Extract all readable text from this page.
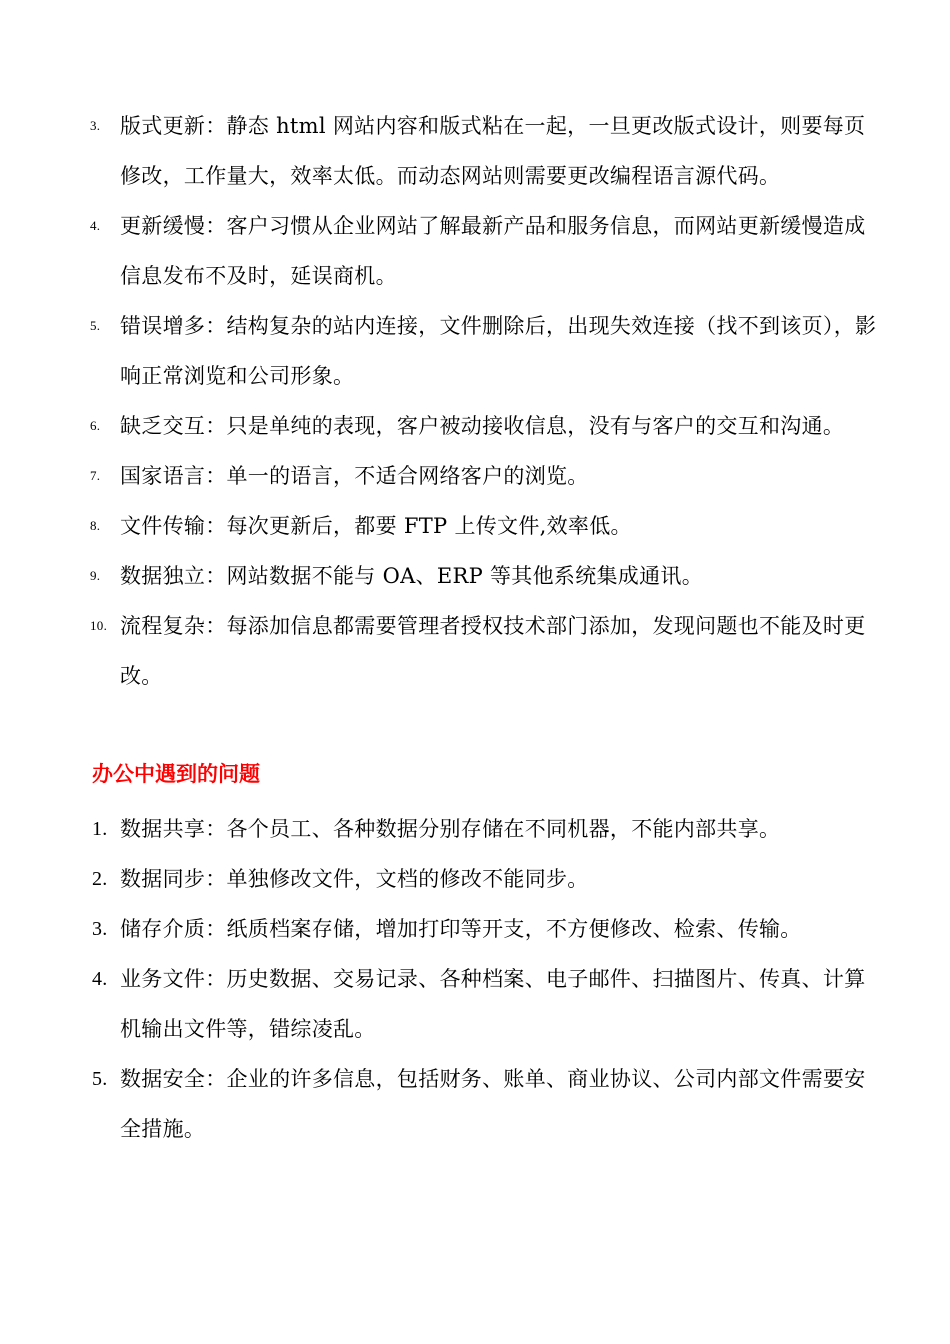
3. 版式更新：静态 html 网站内容和版式粘在一起，一旦更改版式设计，则要每页修改，工作量大，效率太低。而动态网站则需要更改编程语言源代码。
4. 更新缓慢：客户习惯从企业网站了解最新产品和服务信息，而网站更新缓慢造成信息发布不及时，延误商机。
5. 错误增多：结构复杂的站内连接，文件删除后，出现失效连接（找不到该页），影响正常浏览和公司形象。
6. 缺乏交互：只是单纯的表现，客户被动接收信息，没有与客户的交互和沟通。
7. 国家语言：单一的语言，不适合网络客户的浏览。
8. 文件传输：每次更新后，都要 FTP 上传文件,效率低。
9. 数据独立：网站数据不能与 OA、ERP 等其他系统集成通讯。
10. 流程复杂：每添加信息都需要管理者授权技术部门添加，发现问题也不能及时更改。
办公中遇到的问题
1. 数据共享：各个员工、各种数据分别存储在不同机器，不能内部共享。
2. 数据同步：单独修改文件，文档的修改不能同步。
3. 储存介质：纸质档案存储，增加打印等开支，不方便修改、检索、传输。
4. 业务文件：历史数据、交易记录、各种档案、电子邮件、扫描图片、传真、计算机输出文件等，错综凌乱。
5. 数据安全：企业的许多信息，包括财务、账单、商业协议、公司内部文件需要安全措施。
